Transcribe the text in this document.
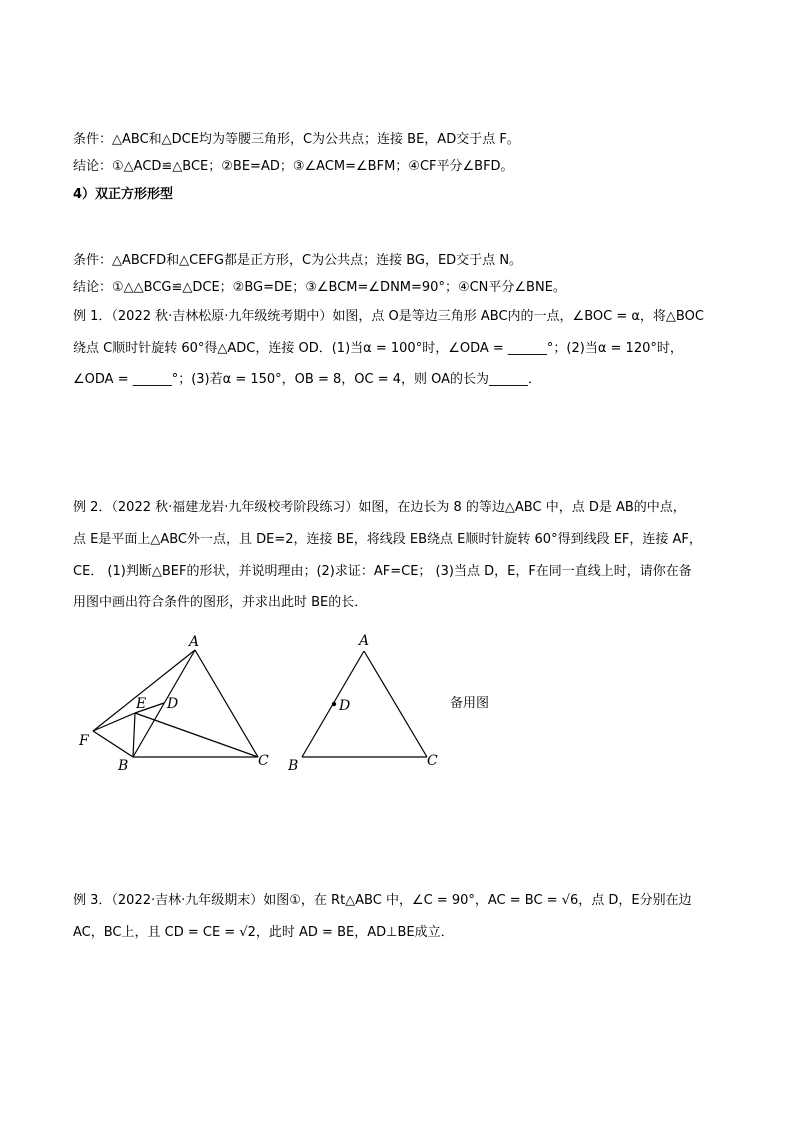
条件：△ABC和△DCE均为等腰三角形，C为公共点；连接 BE，AD交于点 F。
结论：①△ACD≌△BCE；②BE=AD；③∠ACM=∠BFM；④CF平分∠BFD。
4）双正方形形型
条件：△ABCFD和△CEFG都是正方形，C为公共点；连接 BG，ED交于点 N。
结论：①△△BCG≌△DCE；②BG=DE；③∠BCM=∠DNM=90°；④CN平分∠BNE。
例 1．（2022 秋·吉林松原·九年级统考期中）如图，点 O是等边三角形 ABC内的一点，∠BOC = α，将△BOC
绕点 C顺时针旋转 60°得△ADC，连接 OD．(1)当α = 100°时，∠ODA = ______°；(2)当α = 120°时，
∠ODA = ______°；(3)若α = 150°，OB = 8，OC = 4，则 OA的长为______．
例 2．（2022 秋·福建龙岩·九年级校考阶段练习）如图，在边长为 8 的等边△ABC 中，点 D是 AB的中点，
点 E是平面上△ABC外一点，且 DE=2，连接 BE，将线段 EB绕点 E顺时针旋转 60°得到线段 EF，连接 AF，
CE． (1)判断△BEF的形状，并说明理由；(2)求证：AF=CE； (3)当点 D，E，F在同一直线上时，请你在备
用图中画出符合条件的图形，并求出此时 BE的长．
A
B	C
D
E
F
A
B	C
D	备用图
例 3．（2022·吉林·九年级期末）如图①，在 Rt△ABC 中，∠C = 90°，AC = BC = √6，点 D，E分别在边
AC，BC上，且 CD = CE = √2，此时 AD = BE，AD⊥BE成立．
